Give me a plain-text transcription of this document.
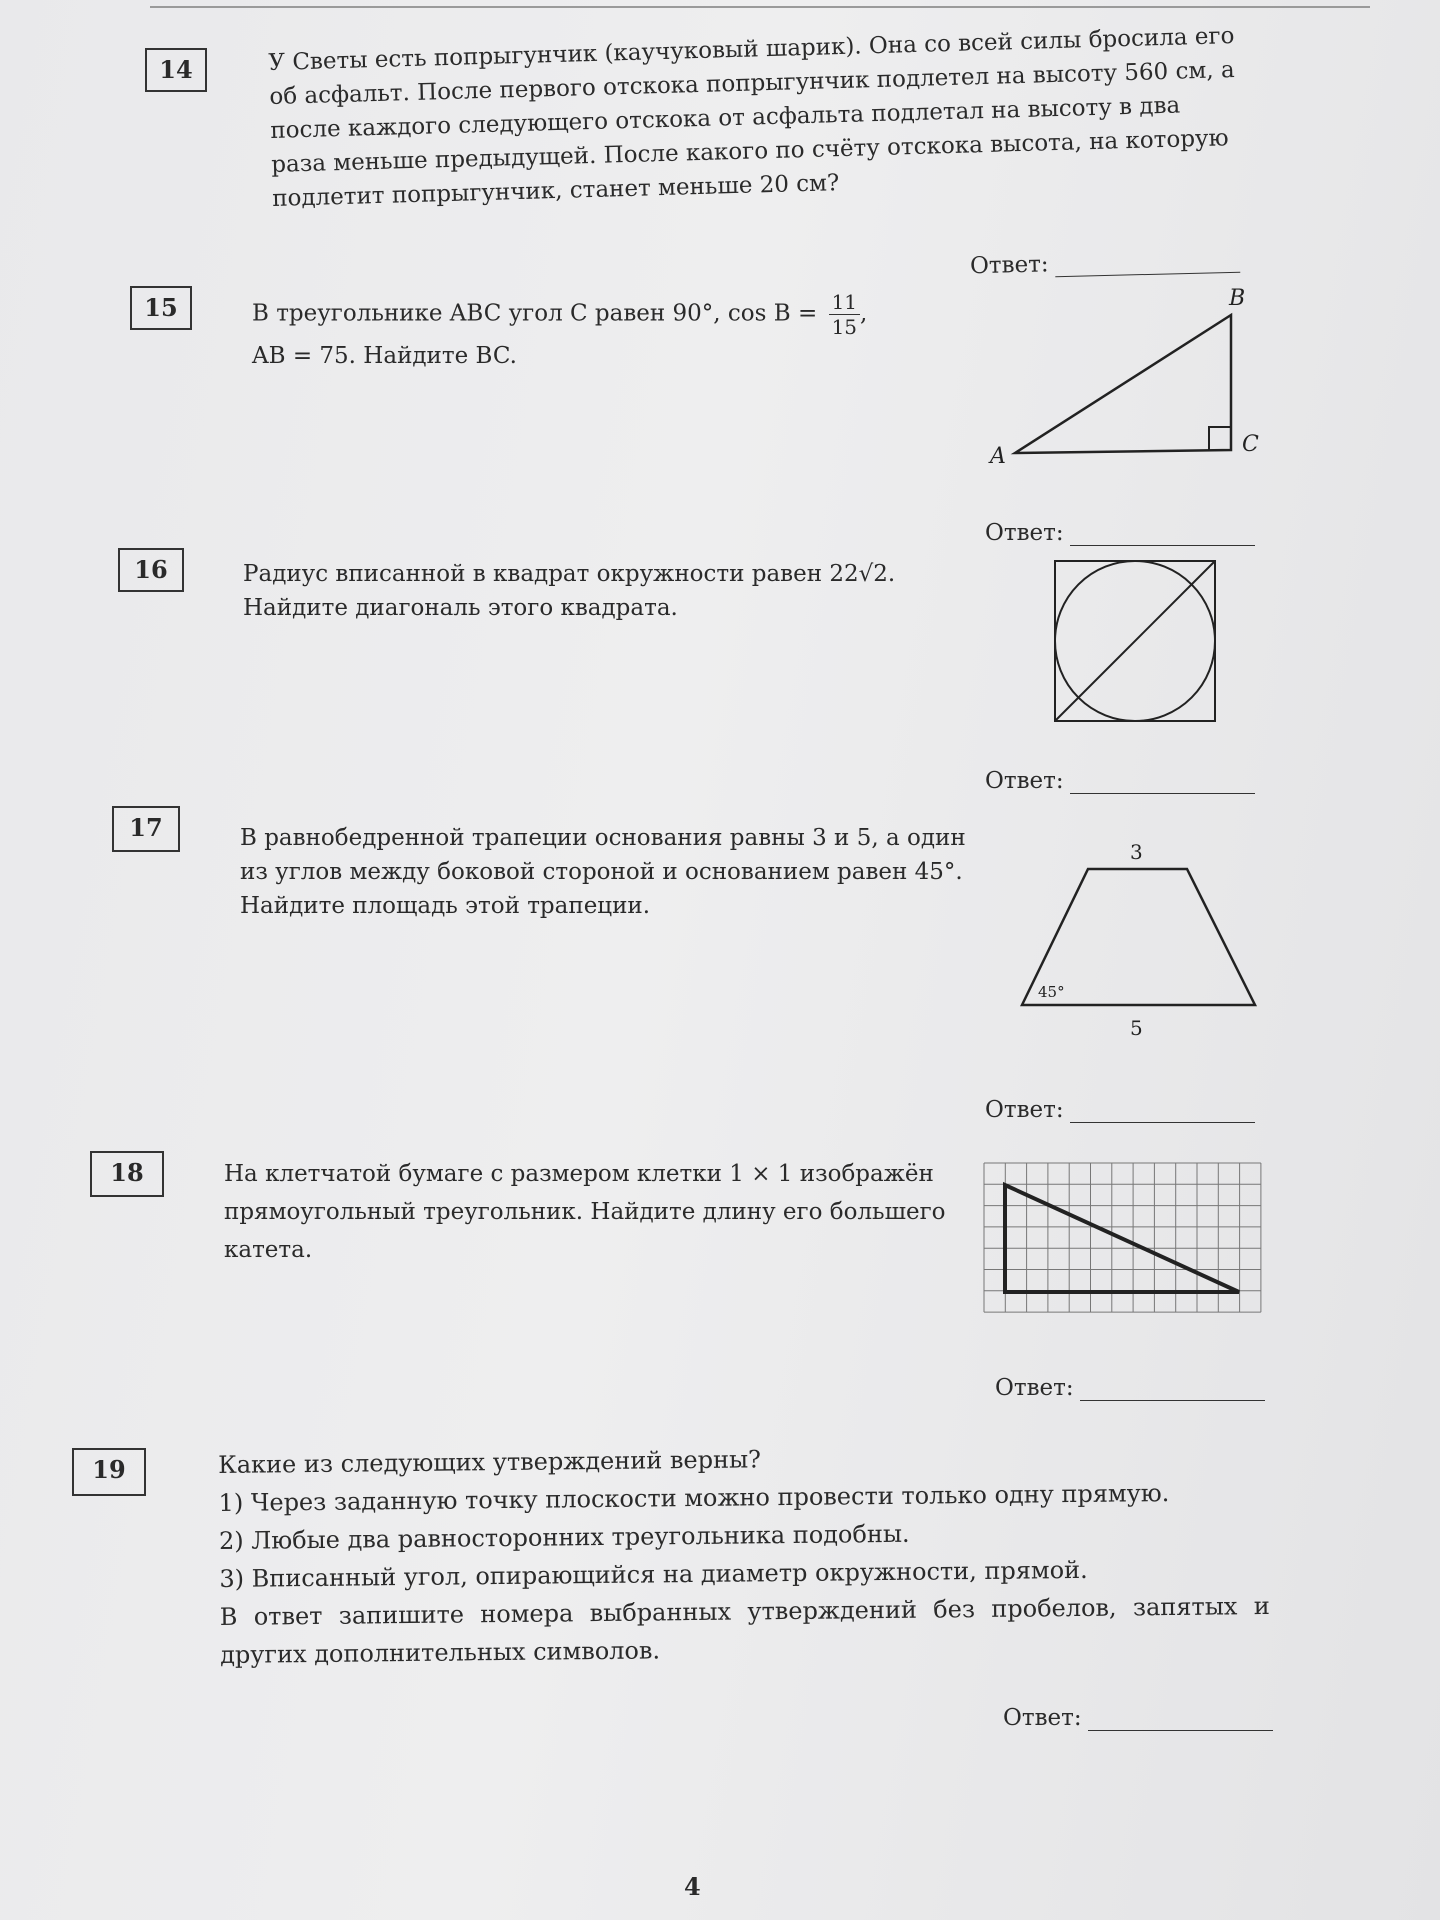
14	У Светы есть попрыгунчик (каучуковый шарик). Она со всей силы бросила его об асфальт. После первого отскока попрыгунчик подлетел на высоту 560 см, а после каждого следующего отскока от асфальта подлетал на высоту в два раза меньше предыдущей. После какого по счёту отскока высота, на которую подлетит попрыгунчик, станет меньше 20 см?

Ответ:
15	В треугольнике ABC угол C равен 90°, $\cos B = \frac{11}{15}$ ,

AB = 75. Найдите BC.

A
B
C
Ответ:
16	Радиус вписанной в квадрат окружности равен 22√2. Найдите диагональ этого квадрата.

Ответ:
17	В равнобедренной трапеции основания равны 3 и 5, а один из углов между боковой стороной и основанием равен 45°. Найдите площадь этой трапеции.

3
5
45°
Ответ:
18	На клетчатой бумаге с размером клетки 1 × 1 изображён прямоугольный треугольник. Найдите длину его большего катета.

Ответ:
19	Какие из следующих утверждений верны?

1) Через заданную точку плоскости можно провести только одну прямую.
2) Любые два равносторонних треугольника подобны.
3) Вписанный угол, опирающийся на диаметр окружности, прямой.

В ответ запишите номера выбранных утверждений без пробелов, запятых и других дополнительных символов.

Ответ:
4
